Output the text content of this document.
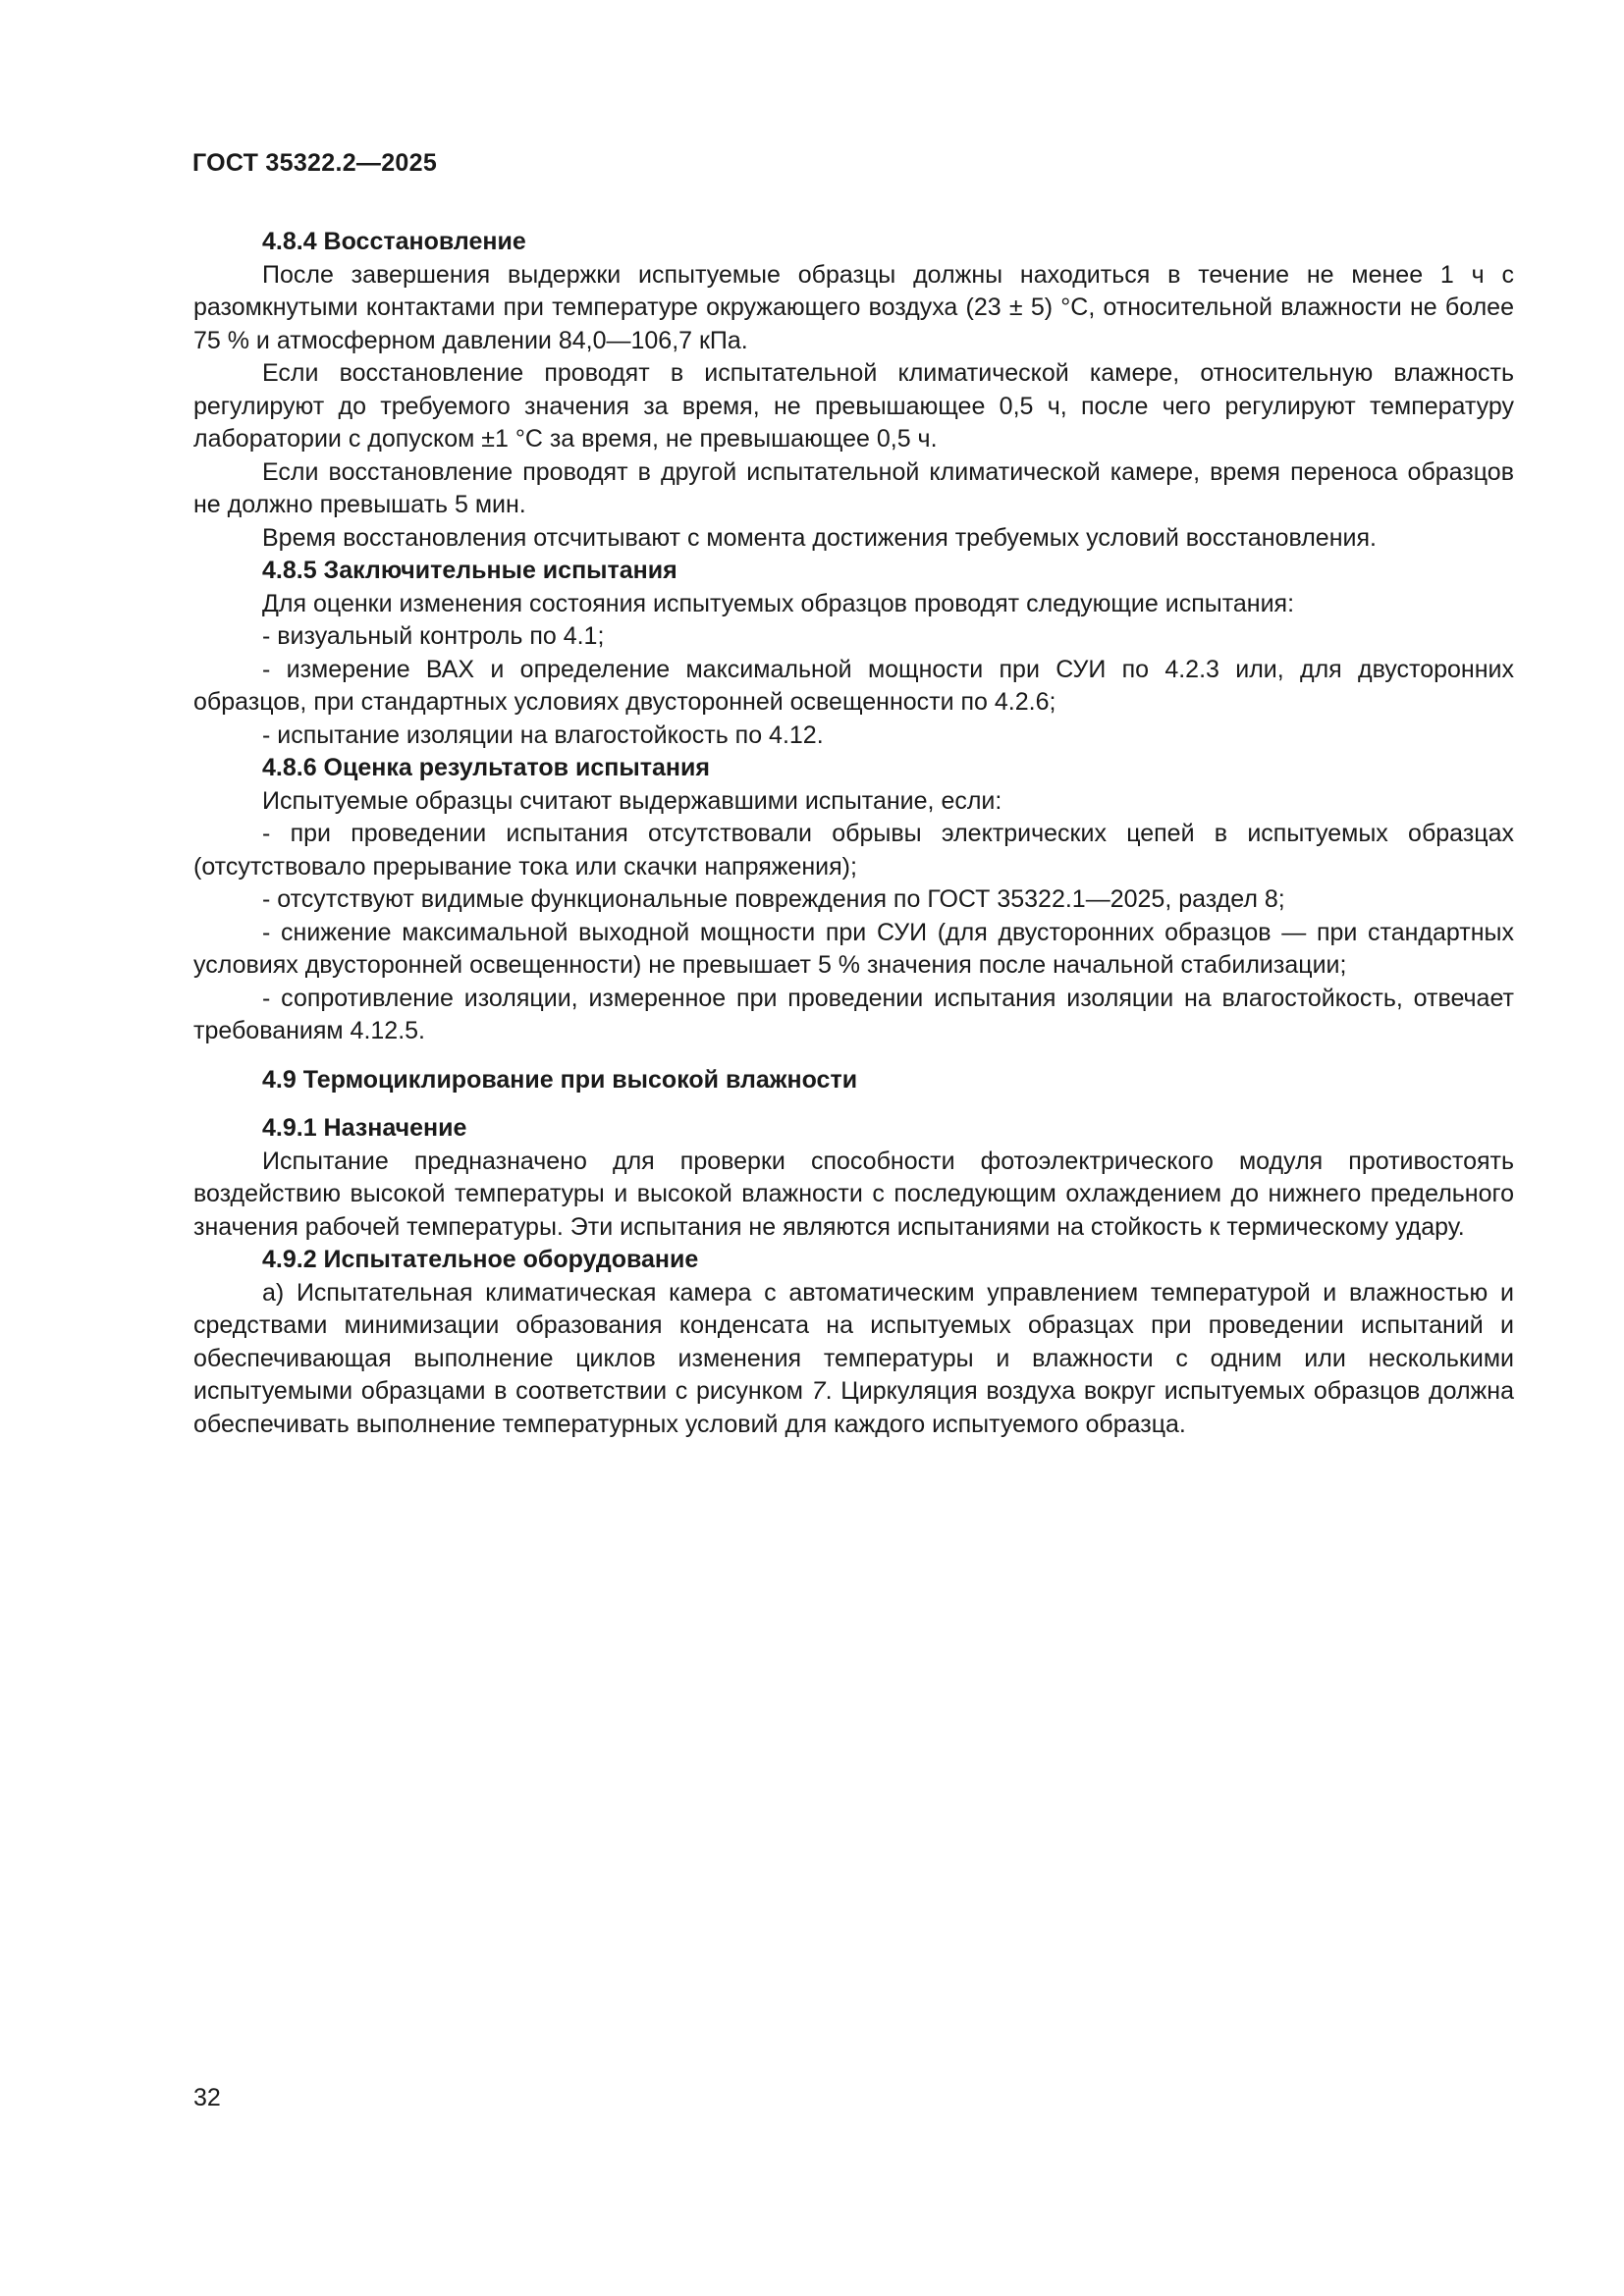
ГОСТ 35322.2—2025
4.8.4 Восстановление

После завершения выдержки испытуемые образцы должны находиться в течение не менее 1 ч с разомкнутыми контактами при температуре окружающего воздуха (23 ± 5) °С, относительной влажности не более 75 % и атмосферном давлении 84,0—106,7 кПа.

Если восстановление проводят в испытательной климатической камере, относительную влажность регулируют до требуемого значения за время, не превышающее 0,5 ч, после чего регулируют температуру лаборатории с допуском ±1 °С за время, не превышающее 0,5 ч.

Если восстановление проводят в другой испытательной климатической камере, время переноса образцов не должно превышать 5 мин.

Время восстановления отсчитывают с момента достижения требуемых условий восстановления.

4.8.5 Заключительные испытания

Для оценки изменения состояния испытуемых образцов проводят следующие испытания:

- визуальный контроль по 4.1;

- измерение ВАХ и определение максимальной мощности при СУИ по 4.2.3 или, для двусторонних образцов, при стандартных условиях двусторонней освещенности по 4.2.6;

- испытание изоляции на влагостойкость по 4.12.

4.8.6 Оценка результатов испытания

Испытуемые образцы считают выдержавшими испытание, если:

- при проведении испытания отсутствовали обрывы электрических цепей в испытуемых образцах (отсутствовало прерывание тока или скачки напряжения);

- отсутствуют видимые функциональные повреждения по ГОСТ 35322.1—2025, раздел 8;

- снижение максимальной выходной мощности при СУИ (для двусторонних образцов — при стандартных условиях двусторонней освещенности) не превышает 5 % значения после начальной стабилизации;

- сопротивление изоляции, измеренное при проведении испытания изоляции на влагостойкость, отвечает требованиям 4.12.5.

4.9 Термоциклирование при высокой влажности
4.9.1 Назначение

Испытание предназначено для проверки способности фотоэлектрического модуля противостоять воздействию высокой температуры и высокой влажности с последующим охлаждением до нижнего предельного значения рабочей температуры. Эти испытания не являются испытаниями на стойкость к термическому удару.

4.9.2 Испытательное оборудование

а) Испытательная климатическая камера с автоматическим управлением температурой и влажностью и средствами минимизации образования конденсата на испытуемых образцах при проведении испытаний и обеспечивающая выполнение циклов изменения температуры и влажности с одним или несколькими испытуемыми образцами в соответствии с рисунком 7. Циркуляция воздуха вокруг испытуемых образцов должна обеспечивать выполнение температурных условий для каждого испытуемого образца.

32
